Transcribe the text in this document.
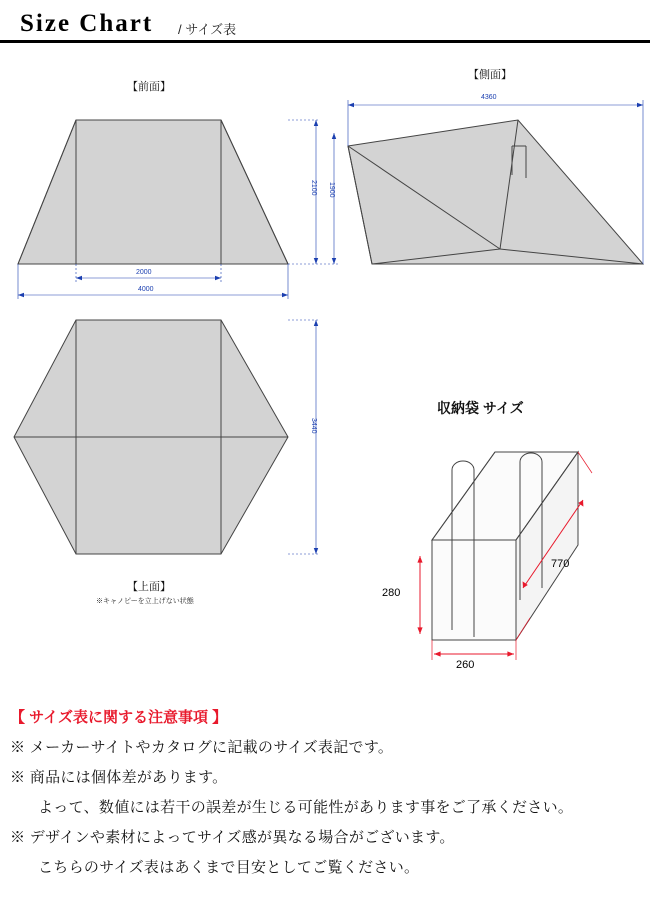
Size Chart / サイズ表
【前面】
【側面】
【上面】
※キャノピーを立上げない状態
2000
4000
2100 1900
4360
3440
収納袋 サイズ
770
280
260
【 サイズ表に関する注意事項 】
※ メーカーサイトやカタログに記載のサイズ表記です。
※ 商品には個体差があります。
よって、数値には若干の誤差が生じる可能性があります事をご了承ください。
※ デザインや素材によってサイズ感が異なる場合がございます。
こちらのサイズ表はあくまで目安としてご覧ください。
